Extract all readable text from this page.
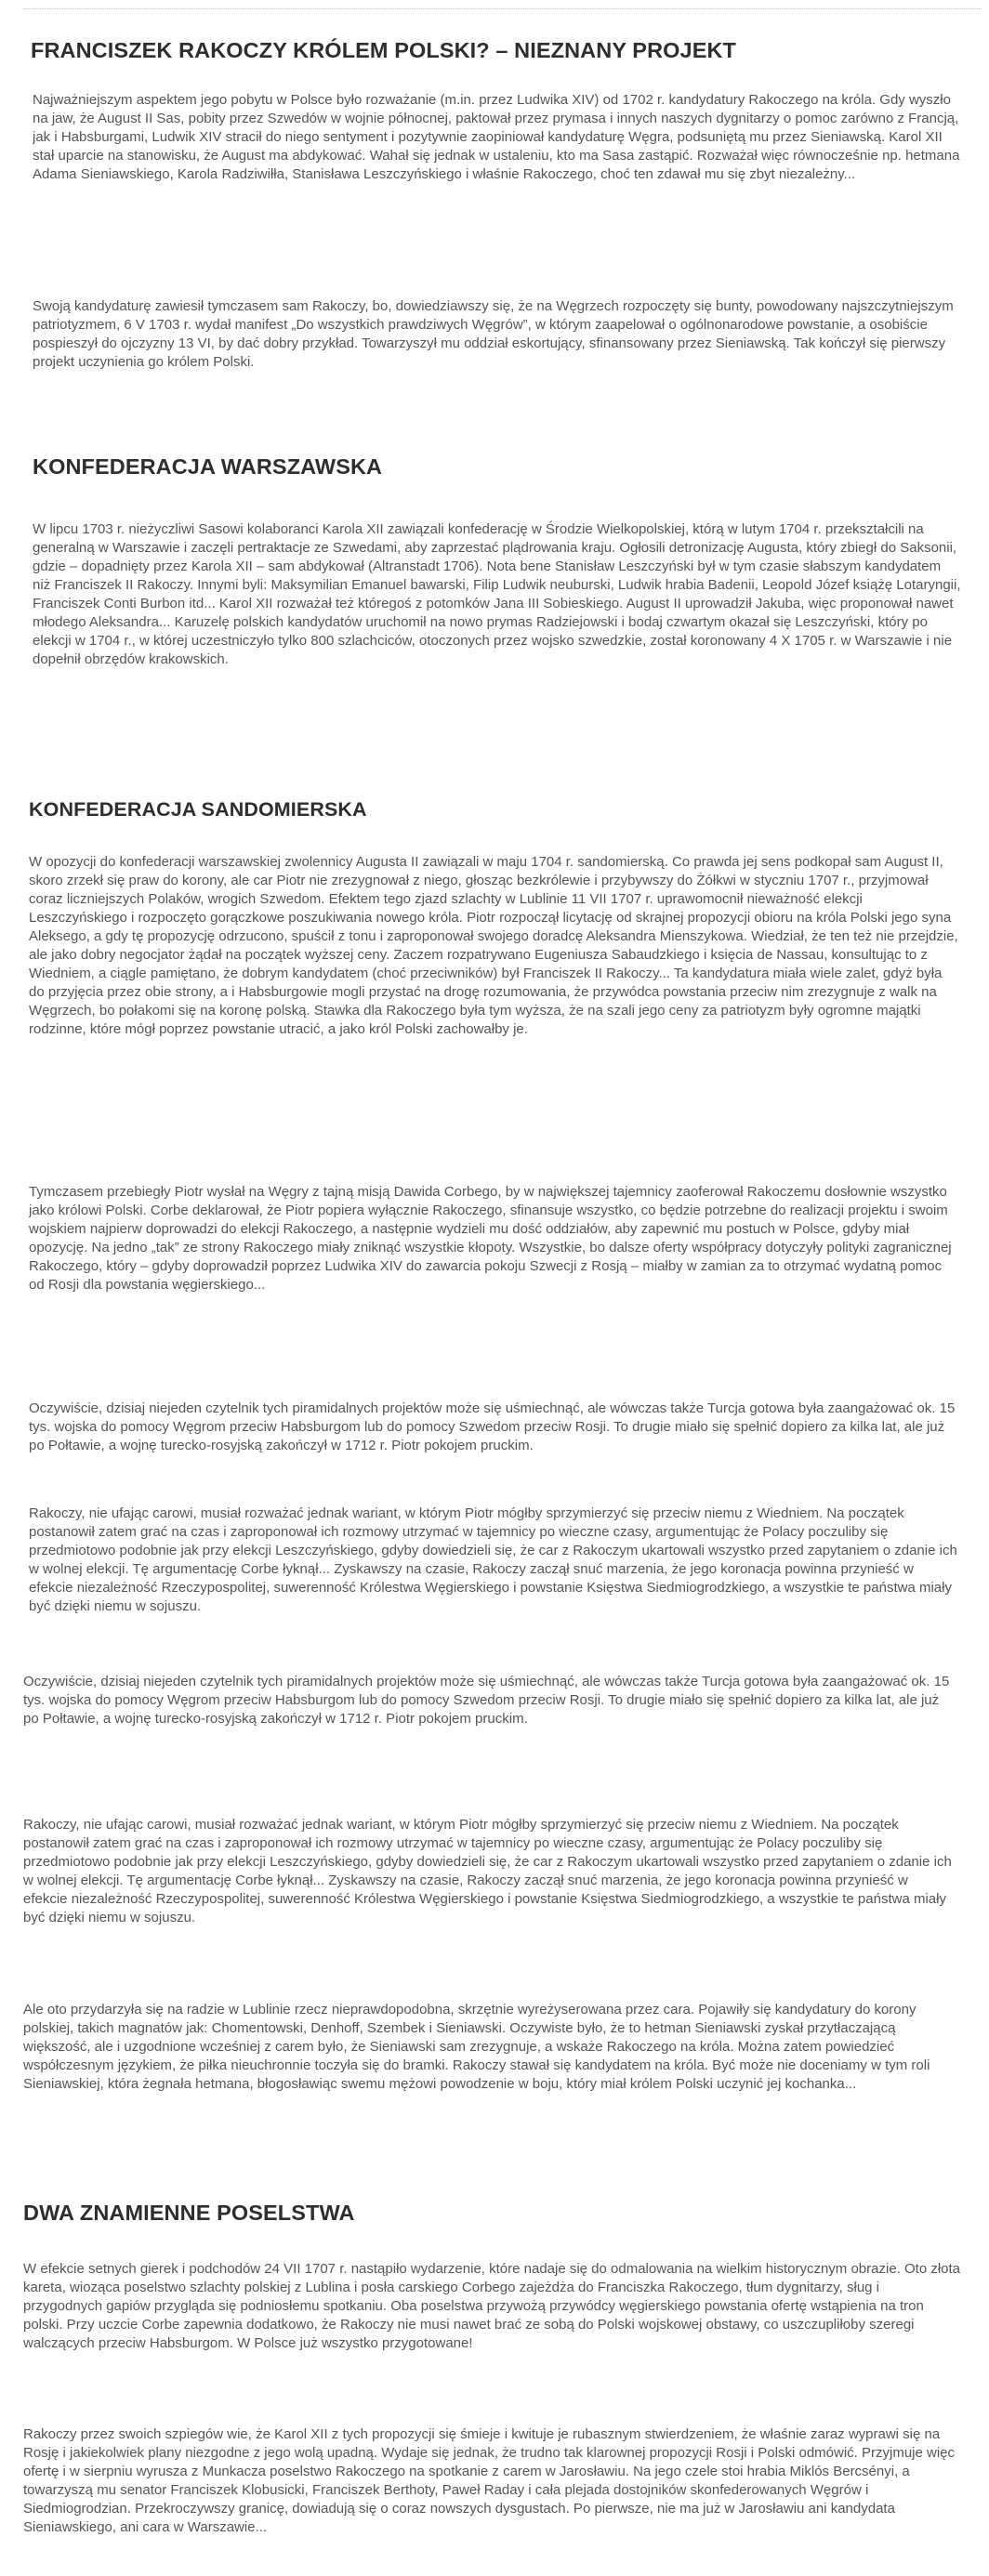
FRANCISZEK RAKOCZY KRÓLEM POLSKI? – NIEZNANY PROJEKT

Najważniejszym aspektem jego pobytu w Polsce było rozważanie (m.in. przez Ludwika XIV) od 1702 r. kandydatury Rakoczego na króla. Gdy wyszło na jaw, że August II Sas, pobity przez Szwedów w wojnie północnej, paktował przez prymasa i innych naszych dygnitarzy o pomoc zarówno z Francją, jak i Habsburgami, Ludwik XIV stracił do niego sentyment i pozytywnie zaopiniował kandydaturę Węgra, podsuniętą mu przez Sieniawską. Karol XII stał uparcie na stanowisku, że August ma abdykować. Wahał się jednak w ustaleniu, kto ma Sasa zastąpić. Rozważał więc równocześnie np. hetmana Adama Sieniawskiego, Karola Radziwiłła, Stanisława Leszczyńskiego i właśnie Rakoczego, choć ten zdawał mu się zbyt niezależny...

Swoją kandydaturę zawiesił tymczasem sam Rakoczy, bo, dowiedziawszy się, że na Węgrzech rozpoczęty się bunty, powodowany najszczytniejszym patriotyzmem, 6 V 1703 r. wydał manifest „Do wszystkich prawdziwych Węgrów”, w którym zaapelował o ogólnonarodowe powstanie, a osobiście pospieszył do ojczyzny 13 VI, by dać dobry przykład. Towarzyszył mu oddział eskortujący, sfinansowany przez Sieniawską. Tak kończył się pierwszy projekt uczynienia go królem Polski.

KONFEDERACJA WARSZAWSKA

W lipcu 1703 r. nieżyczliwi Sasowi kolaboranci Karola XII zawiązali konfederację w Środzie Wielkopolskiej, którą w lutym 1704 r. przekształcili na generalną w Warszawie i zaczęli pertraktacje ze Szwedami, aby zaprzestać plądrowania kraju. Ogłosili detronizację Augusta, który zbiegł do Saksonii, gdzie – dopadnięty przez Karola XII – sam abdykował (Altranstadt 1706). Nota bene Stanisław Leszczyński był w tym czasie słabszym kandydatem niż Franciszek II Rakoczy. Innymi byli: Maksymilian Emanuel bawarski, Filip Ludwik neuburski, Ludwik hrabia Badenii, Leopold Józef książę Lotaryngii, Franciszek Conti Burbon itd... Karol XII rozważał też któregoś z potomków Jana III Sobieskiego. August II uprowadził Jakuba, więc proponował nawet młodego Aleksandra... Karuzelę polskich kandydatów uruchomił na nowo prymas Radziejowski i bodaj czwartym okazał się Leszczyński, który po elekcji w 1704 r., w której uczestniczyło tylko 800 szlachciców, otoczonych przez wojsko szwedzkie, został koronowany 4 X 1705 r. w Warszawie i nie dopełnił obrzędów krakowskich.

KONFEDERACJA SANDOMIERSKA

W opozycji do konfederacji warszawskiej zwolennicy Augusta II zawiązali w maju 1704 r. sandomierską. Co prawda jej sens podkopał sam August II, skoro zrzekł się praw do korony, ale car Piotr nie zrezygnował z niego, głosząc bezkrólewie i przybywszy do Żółkwi w styczniu 1707 r., przyjmował coraz liczniejszych Polaków, wrogich Szwedom. Efektem tego zjazd szlachty w Lublinie 11 VII 1707 r. uprawomocnił nieważność elekcji Leszczyńskiego i rozpoczęto gorączkowe poszukiwania nowego króla. Piotr rozpoczął licytację od skrajnej propozycji obioru na króla Polski jego syna Aleksego, a gdy tę propozycję odrzucono, spuścił z tonu i zaproponował swojego doradcę Aleksandra Mienszykowa. Wiedział, że ten też nie przejdzie, ale jako dobry negocjator żądał na początek wyższej ceny. Zaczem rozpatrywano Eugeniusza Sabaudzkiego i księcia de Nassau, konsultując to z Wiedniem, a ciągle pamiętano, że dobrym kandydatem (choć przeciwników) był Franciszek II Rakoczy... Ta kandydatura miała wiele zalet, gdyż była do przyjęcia przez obie strony, a i Habsburgowie mogli przystać na drogę rozumowania, że przywódca powstania przeciw nim zrezygnuje z walk na Węgrzech, bo połakomi się na koronę polską. Stawka dla Rakoczego była tym wyższa, że na szali jego ceny za patriotyzm były ogromne majątki rodzinne, które mógł poprzez powstanie utracić, a jako król Polski zachowałby je.

Tymczasem przebiegły Piotr wysłał na Węgry z tajną misją Dawida Corbego, by w największej tajemnicy zaoferował Rakoczemu dosłownie wszystko jako królowi Polski. Corbe deklarował, że Piotr popiera wyłącznie Rakoczego, sfinansuje wszystko, co będzie potrzebne do realizacji projektu i swoim wojskiem najpierw doprowadzi do elekcji Rakoczego, a następnie wydzieli mu dość oddziałów, aby zapewnić mu postuch w Polsce, gdyby miał opozycję. Na jedno „tak” ze strony Rakoczego miały zniknąć wszystkie kłopoty. Wszystkie, bo dalsze oferty współpracy dotyczyły polityki zagranicznej Rakoczego, który – gdyby doprowadził poprzez Ludwika XIV do zawarcia pokoju Szwecji z Rosją – miałby w zamian za to otrzymać wydatną pomoc od Rosji dla powstania węgierskiego...

Oczywiście, dzisiaj niejeden czytelnik tych piramidalnych projektów może się uśmiechnąć, ale wówczas także Turcja gotowa była zaangażować ok. 15 tys. wojska do pomocy Węgrom przeciw Habsburgom lub do pomocy Szwedom przeciw Rosji. To drugie miało się spełnić dopiero za kilka lat, ale już po Połtawie, a wojnę turecko-rosyjską zakończył w 1712 r. Piotr pokojem pruckim.

Rakoczy, nie ufając carowi, musiał rozważać jednak wariant, w którym Piotr mógłby sprzymierzyć się przeciw niemu z Wiedniem. Na początek postanowił zatem grać na czas i zaproponował ich rozmowy utrzymać w tajemnicy po wieczne czasy, argumentując że Polacy poczuliby się przedmiotowo podobnie jak przy elekcji Leszczyńskiego, gdyby dowiedzieli się, że car z Rakoczym ukartowali wszystko przed zapytaniem o zdanie ich w wolnej elekcji. Tę argumentację Corbe łyknął... Zyskawszy na czasie, Rakoczy zaczął snuć marzenia, że jego koronacja powinna przynieść w efekcie niezależność Rzeczypospolitej, suwerenność Królestwa Węgierskiego i powstanie Księstwa Siedmiogrodzkiego, a wszystkie te państwa miały być dzięki niemu w sojuszu.

Oczywiście, dzisiaj niejeden czytelnik tych piramidalnych projektów może się uśmiechnąć, ale wówczas także Turcja gotowa była zaangażować ok. 15 tys. wojska do pomocy Węgrom przeciw Habsburgom lub do pomocy Szwedom przeciw Rosji. To drugie miało się spełnić dopiero za kilka lat, ale już po Połtawie, a wojnę turecko-rosyjską zakończył w 1712 r. Piotr pokojem pruckim.

Rakoczy, nie ufając carowi, musiał rozważać jednak wariant, w którym Piotr mógłby sprzymierzyć się przeciw niemu z Wiedniem. Na początek postanowił zatem grać na czas i zaproponował ich rozmowy utrzymać w tajemnicy po wieczne czasy, argumentując że Polacy poczuliby się przedmiotowo podobnie jak przy elekcji Leszczyńskiego, gdyby dowiedzieli się, że car z Rakoczym ukartowali wszystko przed zapytaniem o zdanie ich w wolnej elekcji. Tę argumentację Corbe łyknął... Zyskawszy na czasie, Rakoczy zaczął snuć marzenia, że jego koronacja powinna przynieść w efekcie niezależność Rzeczypospolitej, suwerenność Królestwa Węgierskiego i powstanie Księstwa Siedmiogrodzkiego, a wszystkie te państwa miały być dzięki niemu w sojuszu.

Ale oto przydarzyła się na radzie w Lublinie rzecz nieprawdopodobna, skrzętnie wyreżyserowana przez cara. Pojawiły się kandydatury do korony polskiej, takich magnatów jak: Chomentowski, Denhoff, Szembek i Sieniawski. Oczywiste było, że to hetman Sieniawski zyskał przytłaczającą większość, ale i uzgodnione wcześniej z carem było, że Sieniawski sam zrezygnuje, a wskaże Rakoczego na króla. Można zatem powiedzieć współczesnym językiem, że piłka nieuchronnie toczyła się do bramki. Rakoczy stawał się kandydatem na króla. Być może nie doceniamy w tym roli Sieniawskiej, która żegnała hetmana, błogosławiąc swemu mężowi powodzenie w boju, który miał królem Polski uczynić jej kochanka...

DWA ZNAMIENNE POSELSTWA

W efekcie setnych gierek i podchodów 24 VII 1707 r. nastąpiło wydarzenie, które nadaje się do odmalowania na wielkim historycznym obrazie. Oto złota kareta, wioząca poselstwo szlachty polskiej z Lublina i posła carskiego Corbego zajeżdża do Franciszka Rakoczego, tłum dygnitarzy, sług i przygodnych gapiów przygląda się podniosłemu spotkaniu. Oba poselstwa przywożą przywódcy węgierskiego powstania ofertę wstąpienia na tron polski. Przy uczcie Corbe zapewnia dodatkowo, że Rakoczy nie musi nawet brać ze sobą do Polski wojskowej obstawy, co uszczupliłoby szeregi walczących przeciw Habsburgom. W Polsce już wszystko przygotowane!

Rakoczy przez swoich szpiegów wie, że Karol XII z tych propozycji się śmieje i kwituje je rubasznym stwierdzeniem, że właśnie zaraz wyprawi się na Rosję i jakiekolwiek plany niezgodne z jego wolą upadną. Wydaje się jednak, że trudno tak klarownej propozycji Rosji i Polski odmówić. Przyjmuje więc ofertę i w sierpniu wyrusza z Munkacza poselstwo Rakoczego na spotkanie z carem w Jarosławiu. Na jego czele stoi hrabia Miklós Bercsényi, a towarzyszą mu senator Franciszek Klobusicki, Franciszek Berthoty, Paweł Raday i cała plejada dostojników skonfederowanych Węgrów i Siedmiogrodzian. Przekroczywszy granicę, dowiadują się o coraz nowszych dysgustach. Po pierwsze, nie ma już w Jarosławiu ani kandydata Sieniawskiego, ani cara w Warszawie...
